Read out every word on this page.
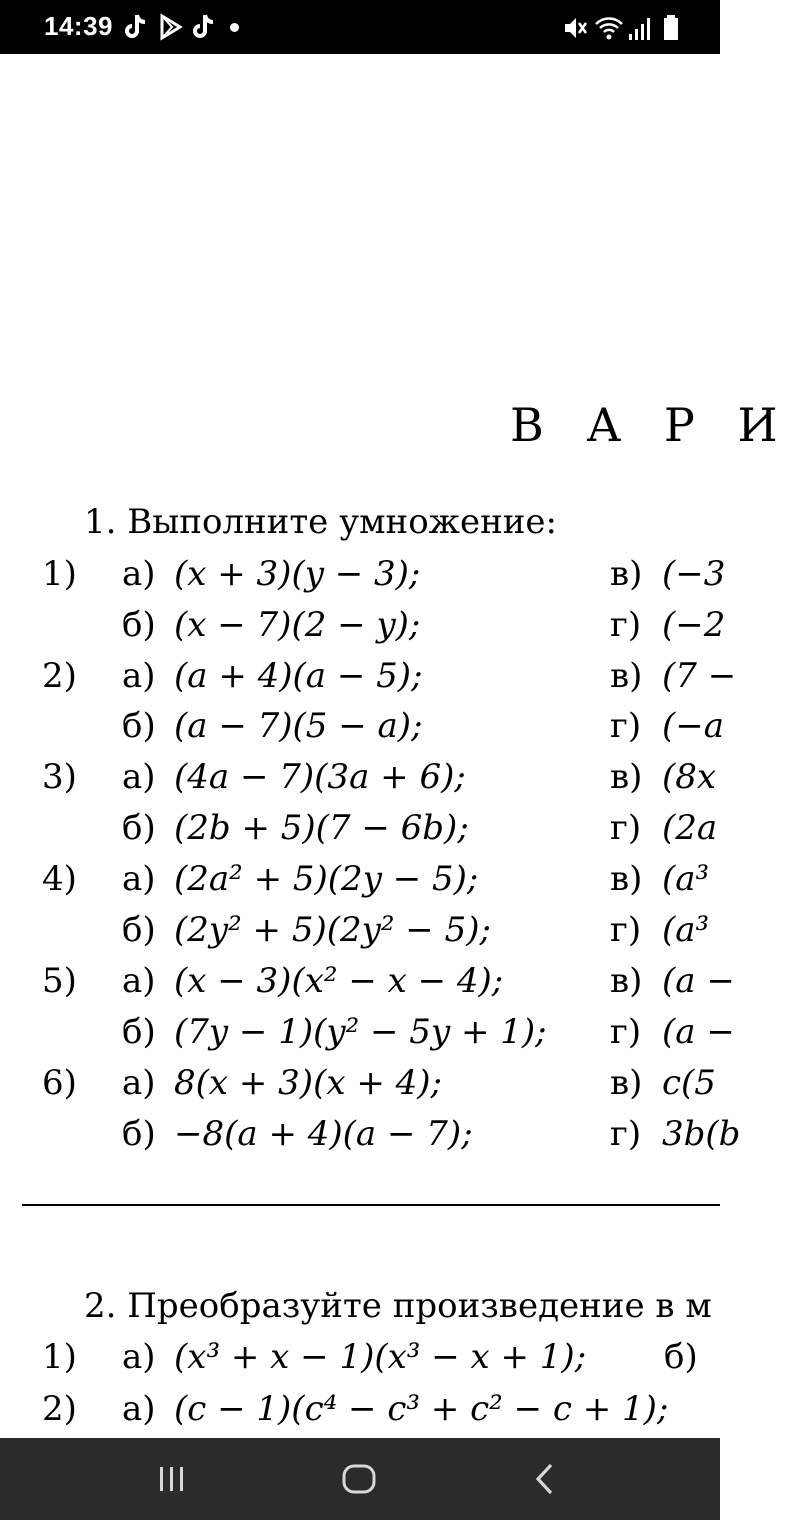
14:39
В А Р И
1. Выполните умножение:
1) а) (x + 3)(y − 3);	в) (−3
б) (x − 7)(2 − y);	г) (−2
2) а) (a + 4)(a − 5);	в) (7 −
б) (a − 7)(5 − a);	г) (−a
3) а) (4a − 7)(3a + 6);	в) (8x
б) (2b + 5)(7 − 6b);	г) (2a
4) а) (2a² + 5)(2y − 5);	в) (a³
б) (2y² + 5)(2y² − 5);	г) (a³
5) а) (x − 3)(x² − x − 4);	в) (a −
б) (7y − 1)(y² − 5y + 1); г) (a −
6) а) 8(x + 3)(x + 4);	в) c(5
б) −8(a + 4)(a − 7);	г) 3b(b
2. Преобразуйте произведение в м
1) а) (x³ + x − 1)(x³ − x + 1); б)
2) а) (c − 1)(c⁴ − c³ + c² − c + 1);
